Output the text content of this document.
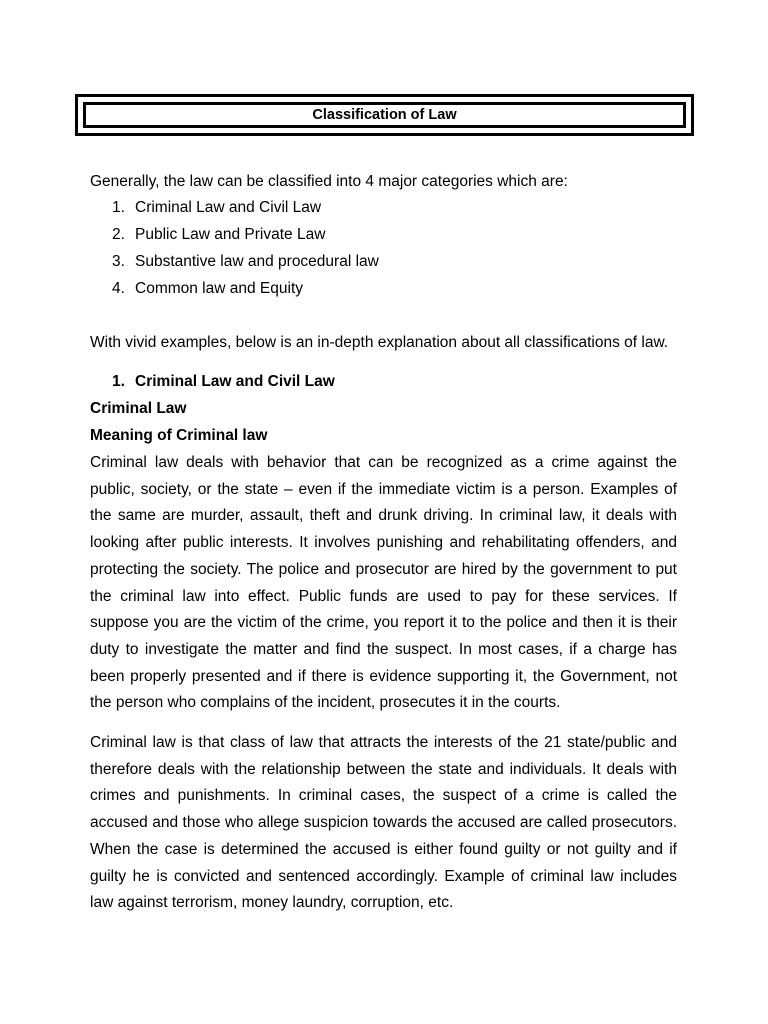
Classification of Law
Generally, the law can be classified into 4 major categories which are:
1. Criminal Law and Civil Law
2. Public Law and Private Law
3. Substantive law and procedural law
4. Common law and Equity
With vivid examples, below is an in-depth explanation about all classifications of law.
1. Criminal Law and Civil Law
Criminal Law
Meaning of Criminal law

Criminal law deals with behavior that can be recognized as a crime against the public, society, or the state – even if the immediate victim is a person. Examples of the same are murder, assault, theft and drunk driving. In criminal law, it deals with looking after public interests. It involves punishing and rehabilitating offenders, and protecting the society. The police and prosecutor are hired by the government to put the criminal law into effect. Public funds are used to pay for these services. If suppose you are the victim of the crime, you report it to the police and then it is their duty to investigate the matter and find the suspect. In most cases, if a charge has been properly presented and if there is evidence supporting it, the Government, not the person who complains of the incident, prosecutes it in the courts.

Criminal law is that class of law that attracts the interests of the 21 state/public and therefore deals with the relationship between the state and individuals. It deals with crimes and punishments. In criminal cases, the suspect of a crime is called the accused and those who allege suspicion towards the accused are called prosecutors. When the case is determined the accused is either found guilty or not guilty and if guilty he is convicted and sentenced accordingly. Example of criminal law includes law against terrorism, money laundry, corruption, etc.
